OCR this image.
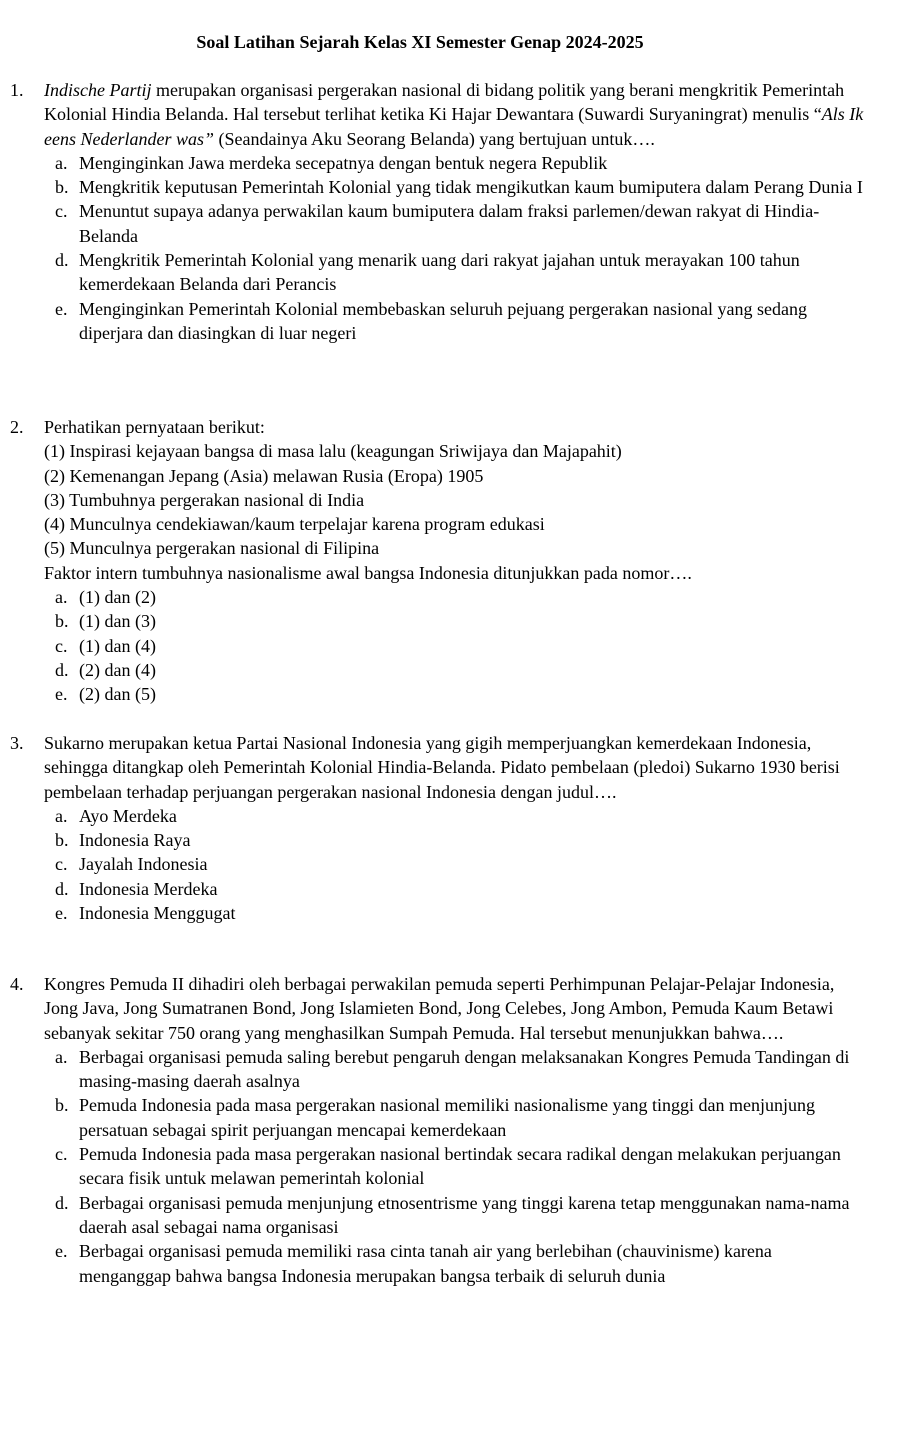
Soal Latihan Sejarah Kelas XI Semester Genap 2024-2025
1.	Indische Partij merupakan organisasi pergerakan nasional di bidang politik yang berani mengkritik Pemerintah Kolonial Hindia Belanda. Hal tersebut terlihat ketika Ki Hajar Dewantara (Suwardi Suryaningrat) menulis “Als Ik eens Nederlander was” (Seandainya Aku Seorang Belanda) yang bertujuan untuk….

a. Menginginkan Jawa merdeka secepatnya dengan bentuk negera Republik
b. Mengkritik keputusan Pemerintah Kolonial yang tidak mengikutkan kaum bumiputera dalam Perang Dunia I
c. Menuntut supaya adanya perwakilan kaum bumiputera dalam fraksi parlemen/dewan rakyat di Hindia-Belanda
d. Mengkritik Pemerintah Kolonial yang menarik uang dari rakyat jajahan untuk merayakan 100 tahun kemerdekaan Belanda dari Perancis
e. Menginginkan Pemerintah Kolonial membebaskan seluruh pejuang pergerakan nasional yang sedang diperjara dan diasingkan di luar negeri
2.	Perhatikan pernyataan berikut:

(1) Inspirasi kejayaan bangsa di masa lalu (keagungan Sriwijaya dan Majapahit)

(2) Kemenangan Jepang (Asia) melawan Rusia (Eropa) 1905

(3) Tumbuhnya pergerakan nasional di India

(4) Munculnya cendekiawan/kaum terpelajar karena program edukasi

(5) Munculnya pergerakan nasional di Filipina

Faktor intern tumbuhnya nasionalisme awal bangsa Indonesia ditunjukkan pada nomor….

a. (1) dan (2)
b. (1) dan (3)
c. (1) dan (4)
d. (2) dan (4)
e. (2) dan (5)
3.	Sukarno merupakan ketua Partai Nasional Indonesia yang gigih memperjuangkan kemerdekaan Indonesia, sehingga ditangkap oleh Pemerintah Kolonial Hindia-Belanda. Pidato pembelaan (pledoi) Sukarno 1930 berisi pembelaan terhadap perjuangan pergerakan nasional Indonesia dengan judul….

a. Ayo Merdeka
b. Indonesia Raya
c. Jayalah Indonesia
d. Indonesia Merdeka
e. Indonesia Menggugat
4.	Kongres Pemuda II dihadiri oleh berbagai perwakilan pemuda seperti Perhimpunan Pelajar-Pelajar Indonesia, Jong Java, Jong Sumatranen Bond, Jong Islamieten Bond, Jong Celebes, Jong Ambon, Pemuda Kaum Betawi sebanyak sekitar 750 orang yang menghasilkan Sumpah Pemuda. Hal tersebut menunjukkan bahwa….

a. Berbagai organisasi pemuda saling berebut pengaruh dengan melaksanakan Kongres Pemuda Tandingan di masing-masing daerah asalnya
b. Pemuda Indonesia pada masa pergerakan nasional memiliki nasionalisme yang tinggi dan menjunjung persatuan sebagai spirit perjuangan mencapai kemerdekaan
c. Pemuda Indonesia pada masa pergerakan nasional bertindak secara radikal dengan melakukan perjuangan secara fisik untuk melawan pemerintah kolonial
d. Berbagai organisasi pemuda menjunjung etnosentrisme yang tinggi karena tetap menggunakan nama-nama daerah asal sebagai nama organisasi
e. Berbagai organisasi pemuda memiliki rasa cinta tanah air yang berlebihan (chauvinisme) karena menganggap bahwa bangsa Indonesia merupakan bangsa terbaik di seluruh dunia
